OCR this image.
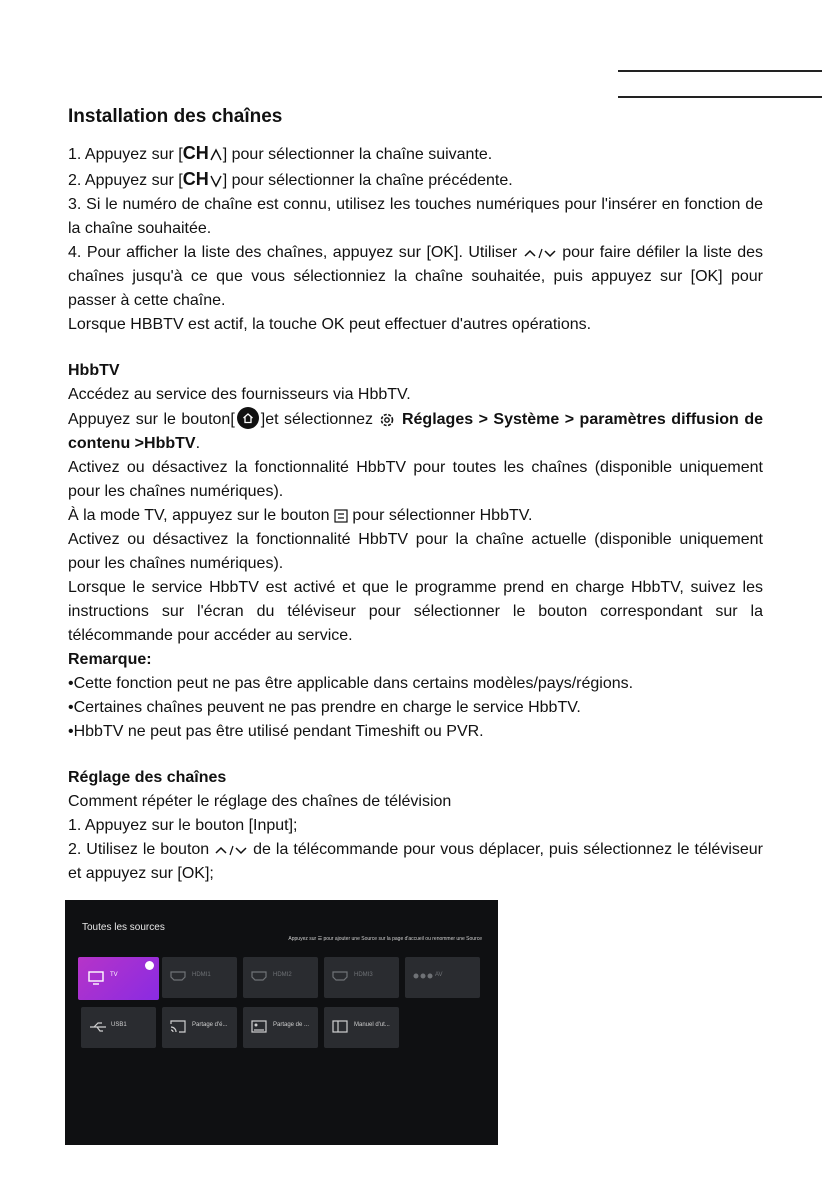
Installation des chaînes

1. Appuyez sur [CH ] pour sélectionner la chaîne suivante.

2. Appuyez sur [CH ] pour sélectionner la chaîne précédente.

3. Si le numéro de chaîne est connu, utilisez les touches numériques pour l'insérer en fonction de la chaîne souhaitée.

4. Pour afficher la liste des chaînes, appuyez sur [OK]. Utiliser	pour faire défiler la liste des chaînes jusqu'à ce que vous sélectionniez la chaîne souhaitée, puis appuyez sur [OK] pour passer à cette chaîne.

Lorsque HBBTV est actif, la touche OK peut effectuer d'autres opérations.

HbbTV

Accédez au service des fournisseurs via HbbTV.

Appuyez sur le bouton[ ]et sélectionnez Réglages > Système > paramètres diffusion de contenu >HbbTV.

Activez ou désactivez la fonctionnalité HbbTV pour toutes les chaînes (disponible uniquement pour les chaînes numériques).

À la mode TV, appuyez sur le bouton pour sélectionner HbbTV.

Activez ou désactivez la fonctionnalité HbbTV pour la chaîne actuelle (disponible uniquement pour les chaînes numériques).

Lorsque le service HbbTV est activé et que le programme prend en charge HbbTV, suivez les instructions sur l'écran du téléviseur pour sélectionner le bouton correspondant sur la télécommande pour accéder au service.

Remarque:

•Cette fonction peut ne pas être applicable dans certains modèles/pays/régions.

•Certaines chaînes peuvent ne pas prendre en charge le service HbbTV.

•HbbTV ne peut pas être utilisé pendant Timeshift ou PVR.

Réglage des chaînes

Comment répéter le réglage des chaînes de télévision

1. Appuyez sur le bouton [Input];

2. Utilisez le bouton	de la télécommande pour vous déplacer, puis sélectionnez le téléviseur et appuyez sur [OK];

Toutes les sources
Appuyez sur ☰ pour ajouter une Source sur la page d'accueil ou renommer une Source
TV	HDMI1	HDMI2	HDMI3	AV
USB1	Partage d'é...	Partage de ...	Manuel d'ut...
